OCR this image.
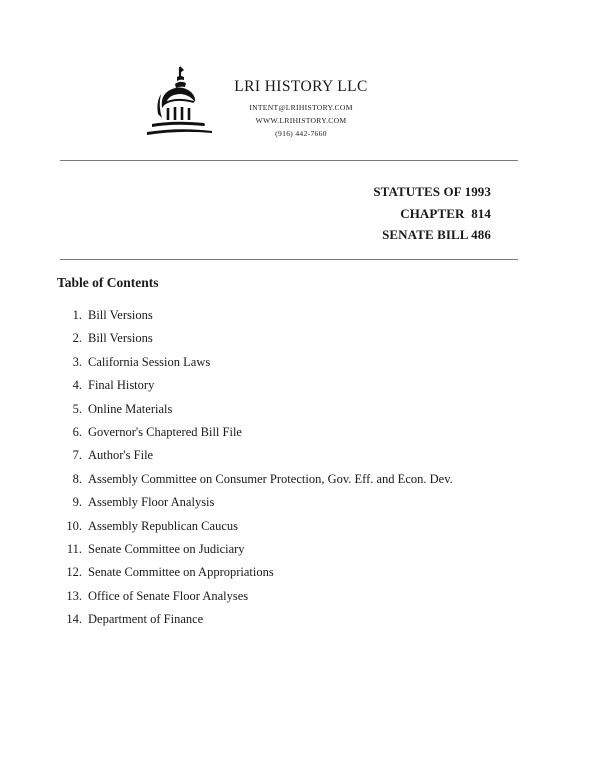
LRI HISTORY LLC
INTENT@LRIHISTORY.COM
WWW.LRIHISTORY.COM
(916) 442-7660
STATUTES OF 1993
CHAPTER  814
SENATE BILL 486
Table of Contents
1. Bill Versions
2. Bill Versions
3. California Session Laws
4. Final History
5. Online Materials
6. Governor's Chaptered Bill File
7. Author's File
8. Assembly Committee on Consumer Protection, Gov. Eff. and Econ. Dev.
9. Assembly Floor Analysis
10. Assembly Republican Caucus
11. Senate Committee on Judiciary
12. Senate Committee on Appropriations
13. Office of Senate Floor Analyses
14. Department of Finance
